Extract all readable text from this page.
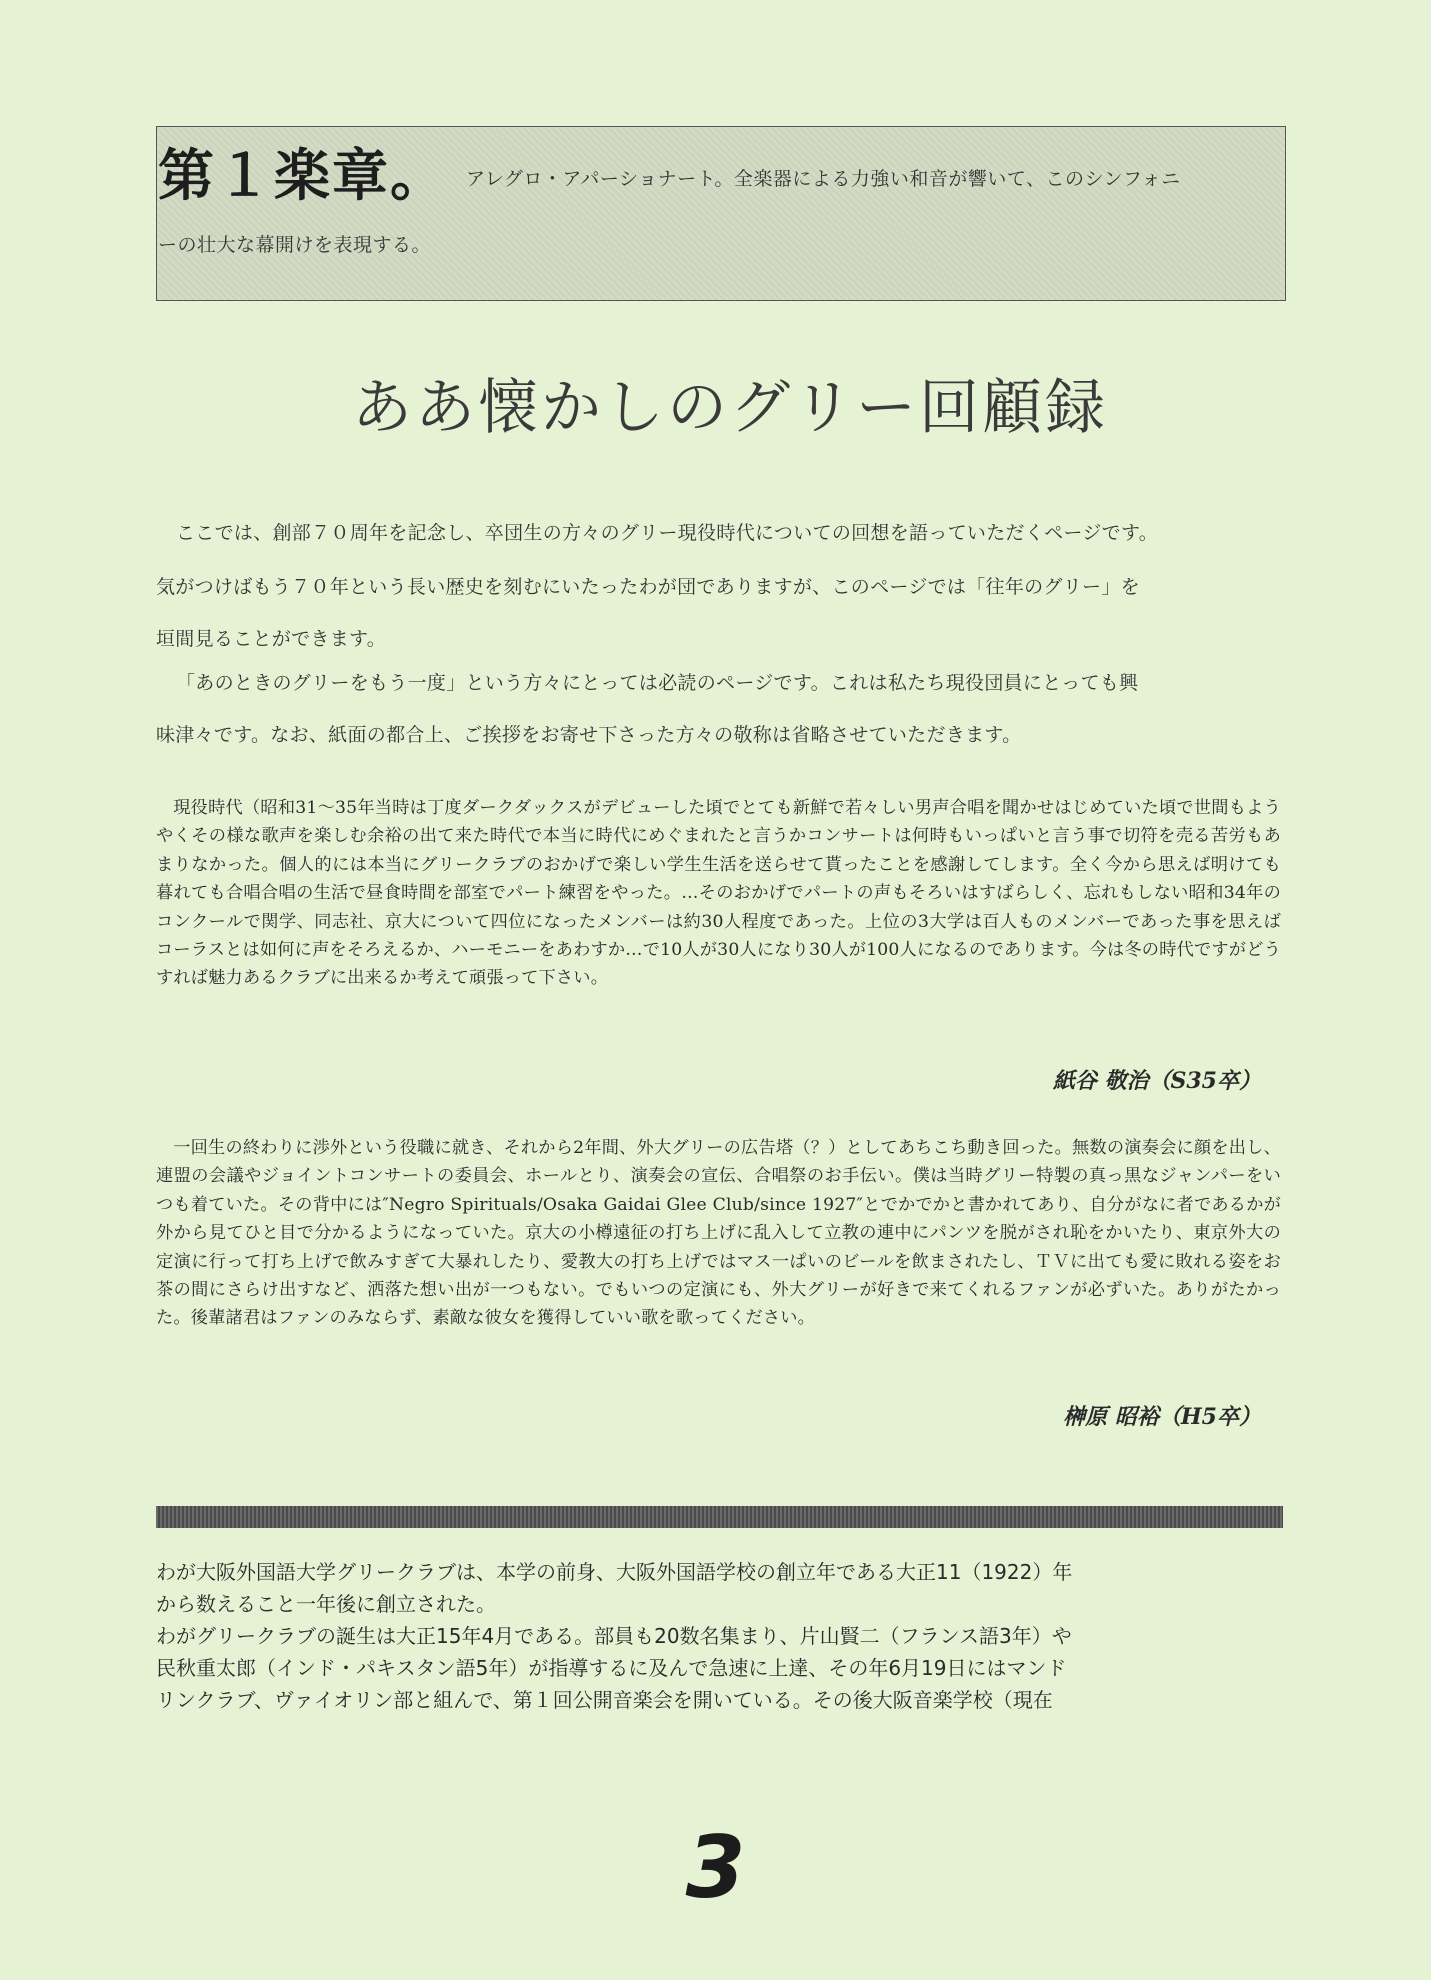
第１楽章。 アレグロ・アパーショナート。全楽器による力強い和音が響いて、このシンフォニ
ーの壮大な幕開けを表現する。
ああ懐かしのグリー回顧録

ここでは、創部７０周年を記念し、卒団生の方々のグリー現役時代についての回想を語っていただくページです。

気がつけばもう７０年という長い歴史を刻むにいたったわが団でありますが、このページでは「往年のグリー」を

垣間見ることができます。

「あのときのグリーをもう一度」という方々にとっては必読のページです。これは私たち現役団員にとっても興

味津々です。なお、紙面の都合上、ご挨拶をお寄せ下さった方々の敬称は省略させていただきます。

現役時代（昭和31～35年当時は丁度ダークダックスがデビューした頃でとても新鮮で若々しい男声合唱を聞かせはじめていた頃で世間もようやくその様な歌声を楽しむ余裕の出て来た時代で本当に時代にめぐまれたと言うかコンサートは何時もいっぱいと言う事で切符を売る苦労もあまりなかった。個人的には本当にグリークラブのおかげで楽しい学生生活を送らせて貰ったことを感謝してします。全く今から思えば明けても暮れても合唱合唱の生活で昼食時間を部室でパート練習をやった。…そのおかげでパートの声もそろいはすばらしく、忘れもしない昭和34年のコンクールで関学、同志社、京大について四位になったメンバーは約30人程度であった。上位の3大学は百人ものメンバーであった事を思えばコーラスとは如何に声をそろえるか、ハーモニーをあわすか…で10人が30人になり30人が100人になるのであります。今は冬の時代ですがどうすれば魅力あるクラブに出来るか考えて頑張って下さい。

紙谷 敬治（S35卒）

一回生の終わりに渉外という役職に就き、それから2年間、外大グリーの広告塔（？）としてあちこち動き回った。無数の演奏会に顔を出し、連盟の会議やジョイントコンサートの委員会、ホールとり、演奏会の宣伝、合唱祭のお手伝い。僕は当時グリー特製の真っ黒なジャンパーをいつも着ていた。その背中には″Negro Spirituals/Osaka Gaidai Glee Club/since 1927″とでかでかと書かれてあり、自分がなに者であるかが外から見てひと目で分かるようになっていた。京大の小樽遠征の打ち上げに乱入して立教の連中にパンツを脱がされ恥をかいたり、東京外大の定演に行って打ち上げで飲みすぎて大暴れしたり、愛教大の打ち上げではマス一ぱいのビールを飲まされたし、ＴＶに出ても愛に敗れる姿をお茶の間にさらけ出すなど、洒落た想い出が一つもない。でもいつの定演にも、外大グリーが好きで来てくれるファンが必ずいた。ありがたかった。後輩諸君はファンのみならず、素敵な彼女を獲得していい歌を歌ってください。

榊原 昭裕（H5卒）
わが大阪外国語大学グリークラブは、本学の前身、大阪外国語学校の創立年である大正11（1922）年
から数えること一年後に創立された。
わがグリークラブの誕生は大正15年4月である。部員も20数名集まり、片山賢二（フランス語3年）や
民秋重太郎（インド・パキスタン語5年）が指導するに及んで急速に上達、その年6月19日にはマンド
リンクラブ、ヴァイオリン部と組んで、第１回公開音楽会を開いている。その後大阪音楽学校（現在
3
